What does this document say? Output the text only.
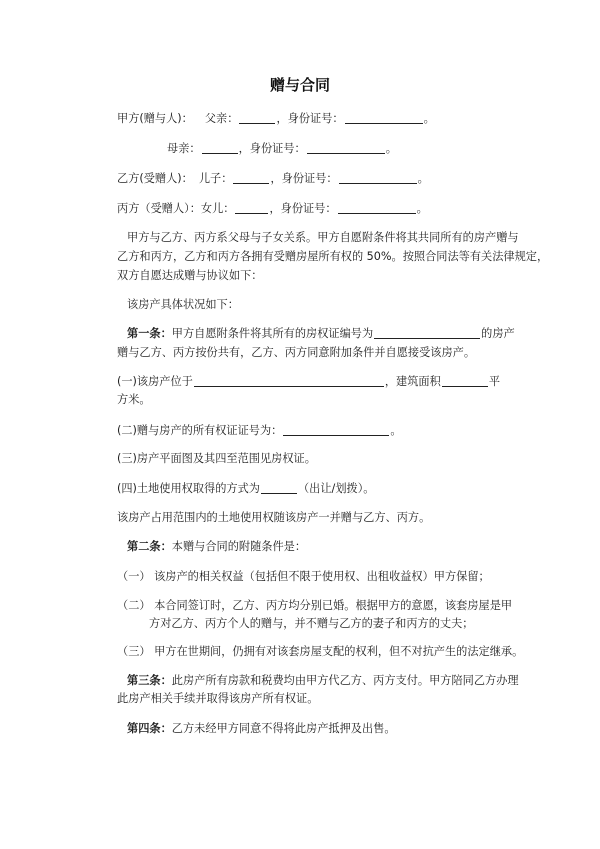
赠与合同
甲方(赠与人)： 父亲：	，身份证号：	。
母亲：	，身份证号：	。
乙方(受赠人)： 儿子：	，身份证号：	。
丙方（受赠人）：女儿：	，身份证号：	。
甲方与乙方、丙方系父母与子女关系。甲方自愿附条件将其共同所有的房产赠与
乙方和丙方，乙方和丙方各拥有受赠房屋所有权的 50%。按照合同法等有关法律规定，
双方自愿达成赠与协议如下：
该房产具体状况如下：
第一条：甲方自愿附条件将其所有的房权证编号为	的房产
赠与乙方、丙方按份共有，乙方、丙方同意附加条件并自愿接受该房产。
(一)该房产位于	，建筑面积	平
方米。
(二)赠与房产的所有权证证号为：	。
(三)房产平面图及其四至范围见房权证。
(四)土地使用权取得的方式为	（出让/划拨）。
该房产占用范围内的土地使用权随该房产一并赠与乙方、丙方。
第二条：本赠与合同的附随条件是：
（一） 该房产的相关权益（包括但不限于使用权、出租收益权）甲方保留；
（二） 本合同签订时，乙方、丙方均分别已婚。根据甲方的意愿，该套房屋是甲
方对乙方、丙方个人的赠与，并不赠与乙方的妻子和丙方的丈夫；
（三） 甲方在世期间，仍拥有对该套房屋支配的权利，但不对抗产生的法定继承。
第三条：此房产所有房款和税费均由甲方代乙方、丙方支付。甲方陪同乙方办理
此房产相关手续并取得该房产所有权证。
第四条：乙方未经甲方同意不得将此房产抵押及出售。
